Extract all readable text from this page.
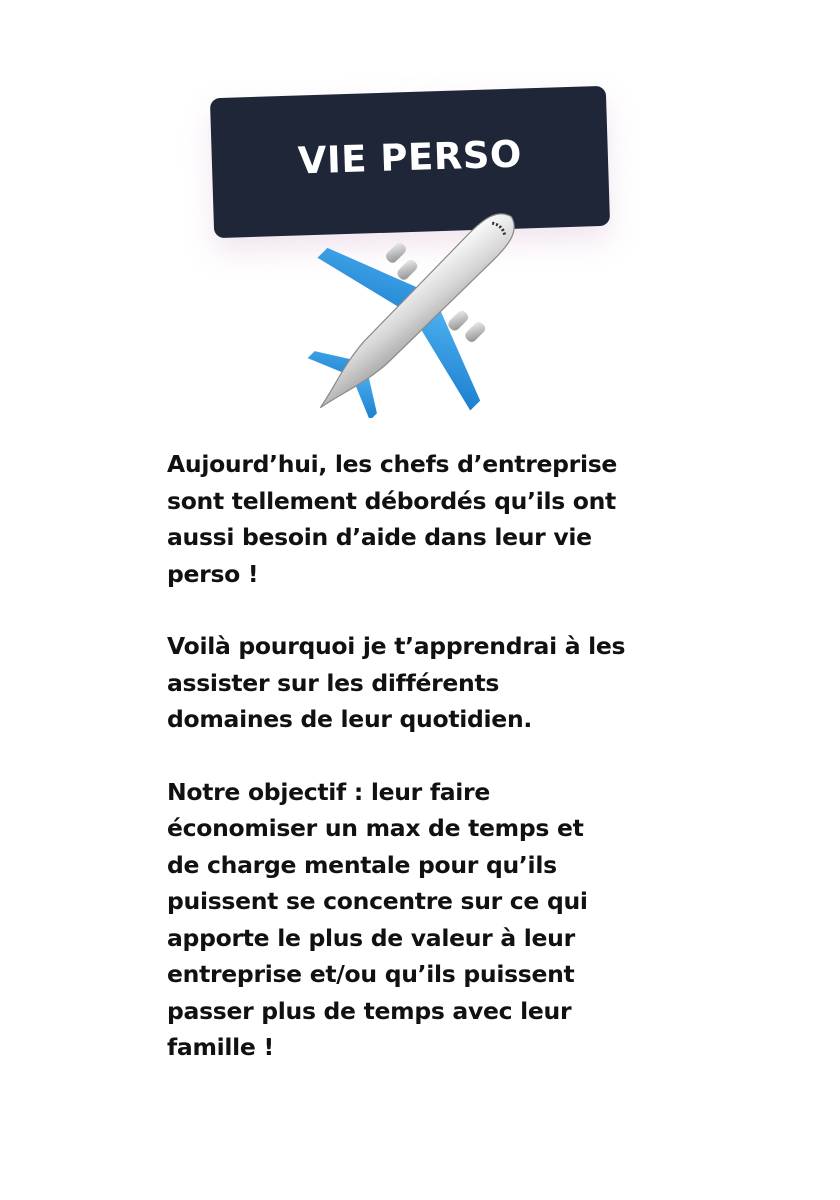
VIE PERSO

Aujourd’hui, les chefs d’entreprise
sont tellement débordés qu’ils ont
aussi besoin d’aide dans leur vie
perso !

Voilà pourquoi je t’apprendrai à les
assister sur les différents
domaines de leur quotidien.

Notre objectif : leur faire
économiser un max de temps et
de charge mentale pour qu’ils
puissent se concentre sur ce qui
apporte le plus de valeur à leur
entreprise et/ou qu’ils puissent
passer plus de temps avec leur
famille !
